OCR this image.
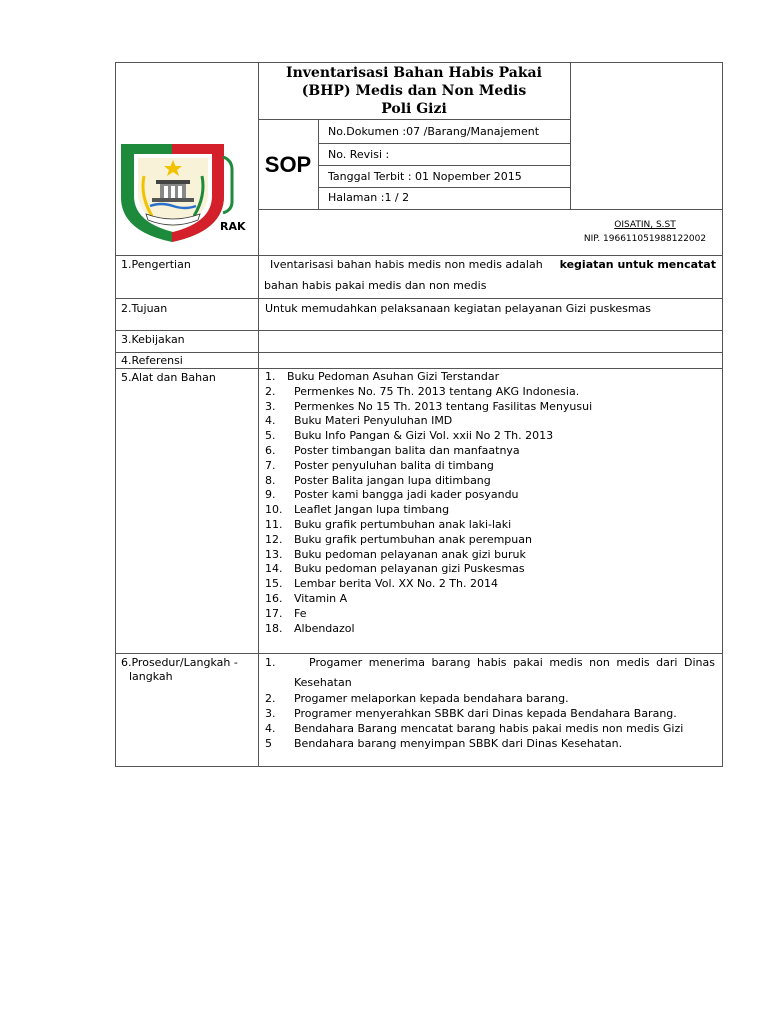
RAK
Inventarisasi Bahan Habis Pakai
(BHP) Medis dan Non Medis
Poli Gizi
SOP
No.Dokumen :07 /Barang/Manajement
No. Revisi :
Tanggal Terbit : 01 Nopember 2015
Halaman :1 / 2
OISATIN, S.ST
NIP. 196611051988122002
1.Pengertian	Iventarisasi bahan habis medis non medis adalah kegiatan untuk mencatat
bahan habis pakai medis dan non medis
2.Tujuan	Untuk memudahkan pelaksanaan kegiatan pelayanan Gizi puskesmas
3.Kebijakan
4.Referensi
5.Alat dan Bahan	1. Buku Pedoman Asuhan Gizi Terstandar
2. Permenkes No. 75 Th. 2013 tentang AKG Indonesia.
3. Permenkes No 15 Th. 2013 tentang Fasilitas Menyusui
4. Buku Materi Penyuluhan IMD
5. Buku Info Pangan & Gizi Vol. xxii No 2 Th. 2013
6. Poster timbangan balita dan manfaatnya
7. Poster penyuluhan balita di timbang
8. Poster Balita jangan lupa ditimbang
9. Poster kami bangga jadi kader posyandu
10. Leaflet Jangan lupa timbang
11. Buku grafik pertumbuhan anak laki-laki
12. Buku grafik pertumbuhan anak perempuan
13. Buku pedoman pelayanan anak gizi buruk
14. Buku pedoman pelayanan gizi Puskesmas
15. Lembar berita Vol. XX No. 2 Th. 2014
16. Vitamin A
17. Fe
18. Albendazol
6.Prosedur/Langkah -
langkah
1.	Progamer menerima barang habis pakai medis non medis dari Dinas
Kesehatan
2. Progamer melaporkan kepada bendahara barang.
3. Programer menyerahkan SBBK dari Dinas kepada Bendahara Barang.
4. Bendahara Barang mencatat barang habis pakai medis non medis Gizi
5 Bendahara barang menyimpan SBBK dari Dinas Kesehatan.
